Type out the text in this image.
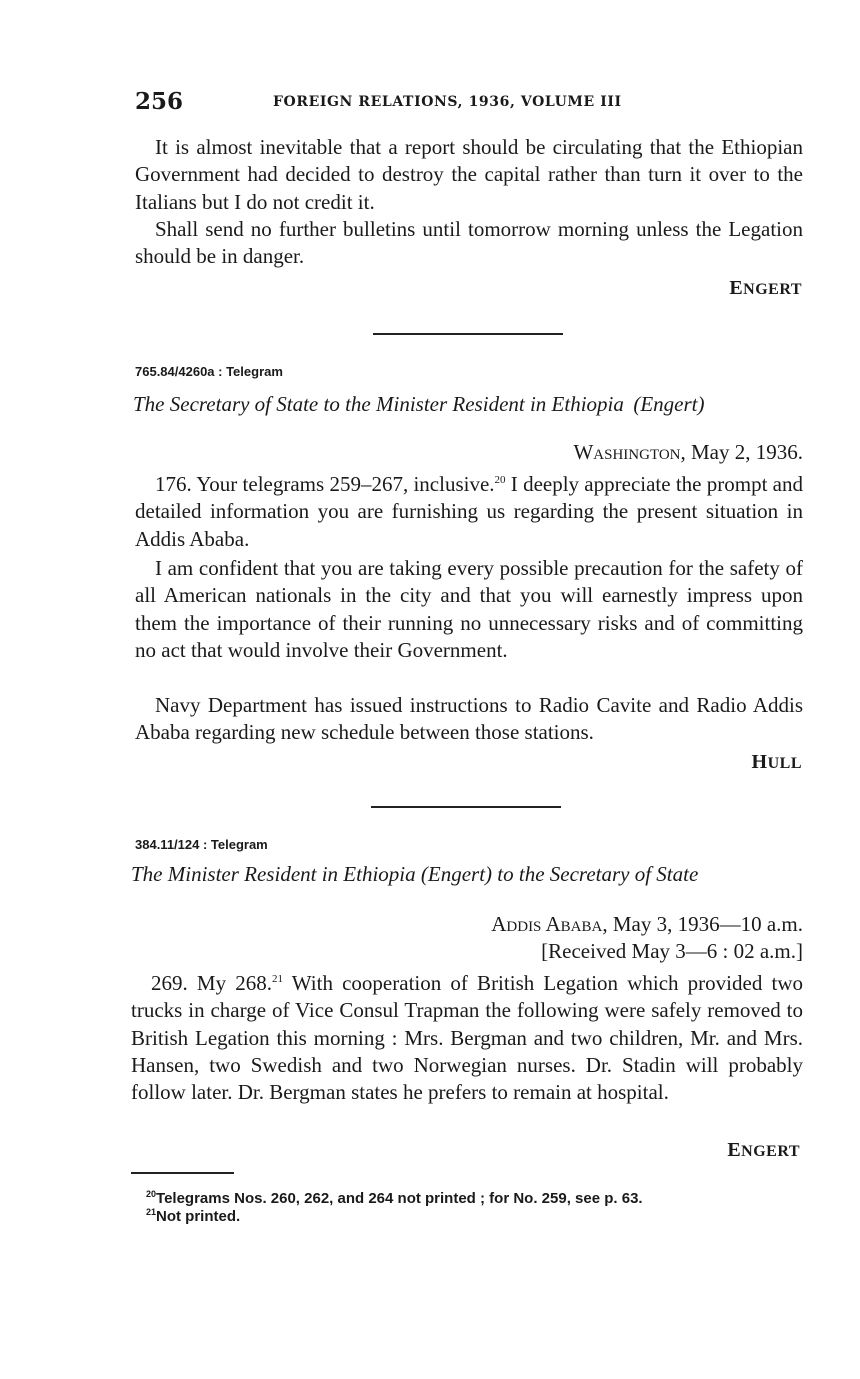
256	FOREIGN RELATIONS, 1936, VOLUME III

It is almost inevitable that a report should be circulating that the Ethiopian Government had decided to destroy the capital rather than turn it over to the Italians but I do not credit it.

Shall send no further bulletins until tomorrow morning unless the Legation should be in danger.

ENGERT
765.84/4260a : Telegram
The Secretary of State to the Minister Resident in Ethiopia   (Engert)
Washington, May 2, 1936.

176. Your telegrams 259–267, inclusive.$^{20}$ I deeply appreciate the prompt and detailed information you are furnishing us regarding the present situation in Addis Ababa.

I am confident that you are taking every possible precaution for the safety of all American nationals in the city and that you will earnestly impress upon them the importance of their running no unnecessary risks and of committing no act that would involve their Government.

Navy Department has issued instructions to Radio Cavite and Radio Addis Ababa regarding new schedule between those stations.

HULL
384.11/124 : Telegram
The Minister Resident in Ethiopia (Engert) to the Secretary of State
Addis Ababa, May 3, 1936—10 a.m.
[Received May 3—6 : 02 a.m.]

269. My 268.21 With cooperation of British Legation which provided two trucks in charge of Vice Consul Trapman the following were safely removed to British Legation this morning : Mrs. Bergman and two children, Mr. and Mrs. Hansen, two Swedish and two Norwegian nurses. Dr. Stadin will probably follow later. Dr. Bergman states he prefers to remain at hospital.

ENGERT
$^{20}$Telegrams Nos. 260, 262, and 264 not printed ; for No. 259, see p. 63.
$^{21}$Not printed.
